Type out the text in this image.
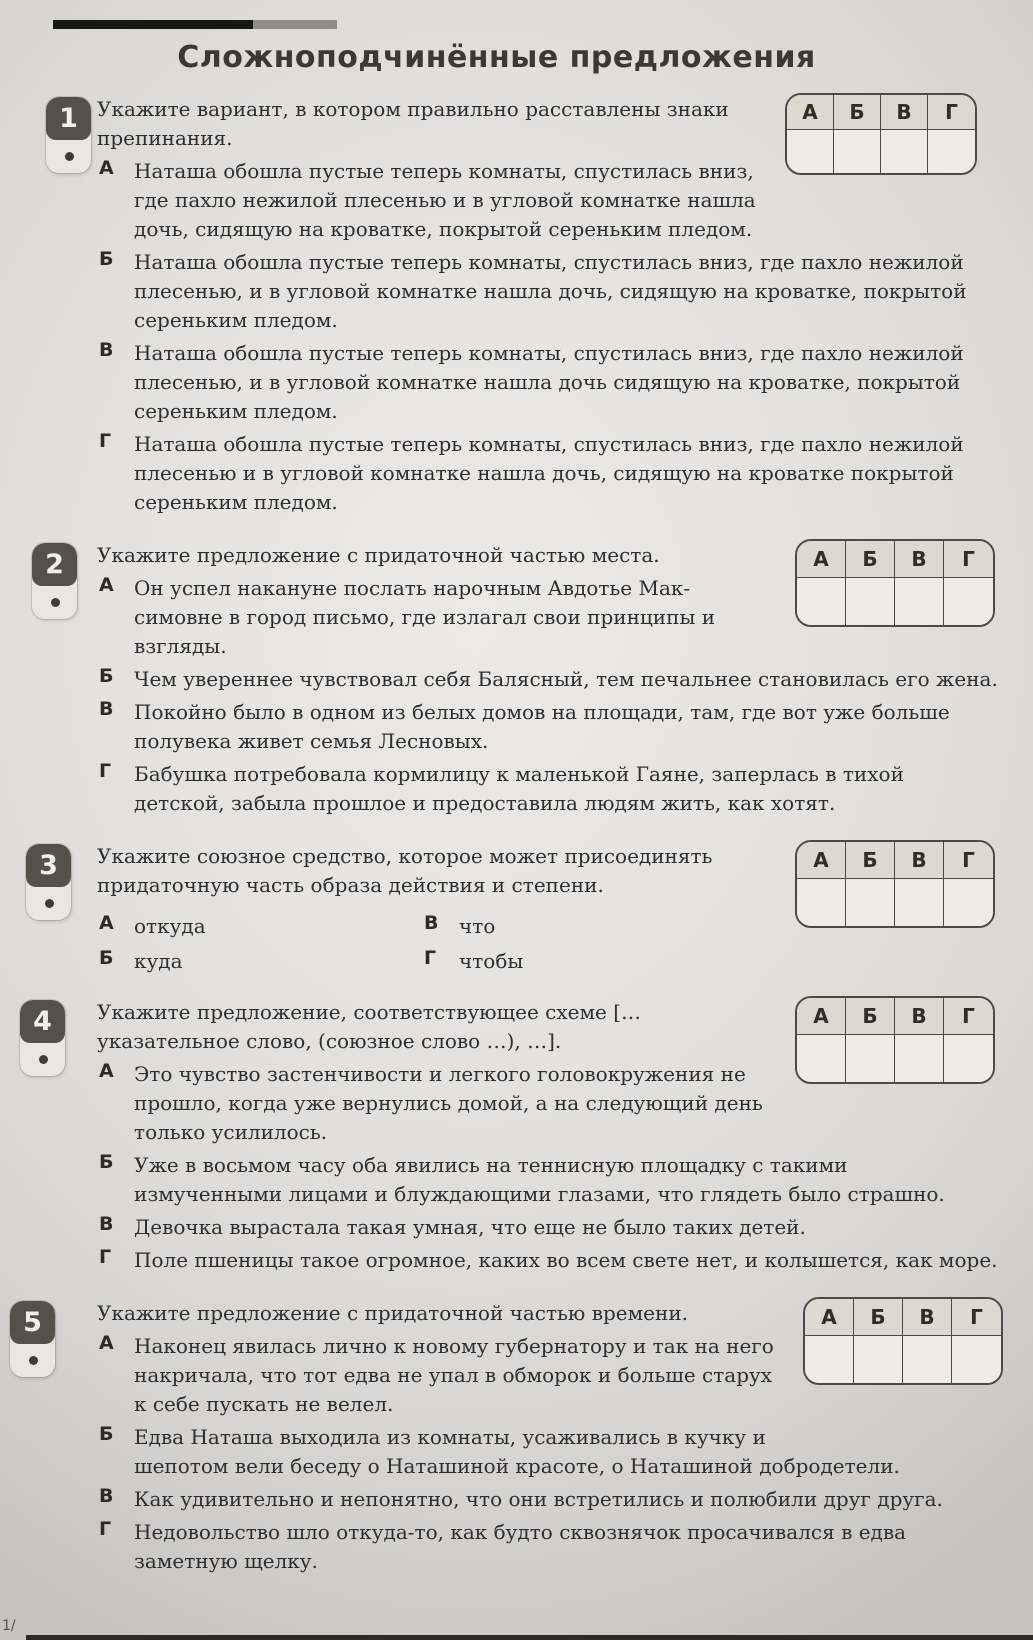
Сложноподчинённые предложения
1	А	Б	В	Г

Укажите вариант, в котором правильно расставлены знаки препинания.

А Наташа обошла пустые теперь комнаты, спустилась вниз, где пахло нежилой плесенью и в угловой комнатке нашла дочь, сидящую на кроватке, покрытой сереньким пледом.
Б Наташа обошла пустые теперь комнаты, спустилась вниз, где пахло нежилой плесенью, и в угловой комнатке нашла дочь, сидящую на кроватке, покрытой сереньким пледом.
В Наташа обошла пустые теперь комнаты, спустилась вниз, где пахло нежилой плесенью, и в угловой комнатке нашла дочь сидящую на кроватке, покрытой сереньким пледом.
Г Наташа обошла пустые теперь комнаты, спустилась вниз, где пахло нежилой плесенью и в угловой комнатке нашла дочь, сидящую на кроватке покрытой сереньким пледом.
2	А	Б	В	Г

Укажите предложение с придаточной частью места.

А Он успел накануне послать нарочным Авдотье Максимовне в город письмо, где излагал свои принципы и взгляды.
Б Чем увереннее чувствовал себя Балясный, тем печальнее становилась его жена.
В Покойно было в одном из белых домов на площади, там, где вот уже больше полувека живет семья Лесновых.
Г Бабушка потребовала кормилицу к маленькой Гаяне, заперлась в тихой детской, забыла прошлое и предоставила людям жить, как хотят.
3	А	Б	В	Г

Укажите союзное средство, которое может присоединять придаточную часть образа действия и степени.

А откуда
Б куда
В что
Г чтобы
4	А	Б	В	Г

Укажите предложение, соответствующее схеме [… указательное слово, (союзное слово …), …].

А Это чувство застенчивости и легкого головокружения не прошло, когда уже вернулись домой, а на следующий день только усилилось.
Б Уже в восьмом часу оба явились на теннисную площадку с такими измученными лицами и блуждающими глазами, что глядеть было страшно.
В Девочка вырастала такая умная, что еще не было таких детей.
Г Поле пшеницы такое огромное, каких во всем свете нет, и колышется, как море.
5	А	Б	В	Г

Укажите предложение с придаточной частью времени.

А Наконец явилась лично к новому губернатору и так на него накричала, что тот едва не упал в обморок и больше старух к себе пускать не велел.
Б Едва Наташа выходила из комнаты, усаживались в кучку и шепотом вели беседу о Наташиной красоте, о Наташиной добродетели.
В Как удивительно и непонятно, что они встретились и полюбили друг друга.
Г Недовольство шло откуда-то, как будто сквознячок просачивался в едва заметную щелку.
1/
